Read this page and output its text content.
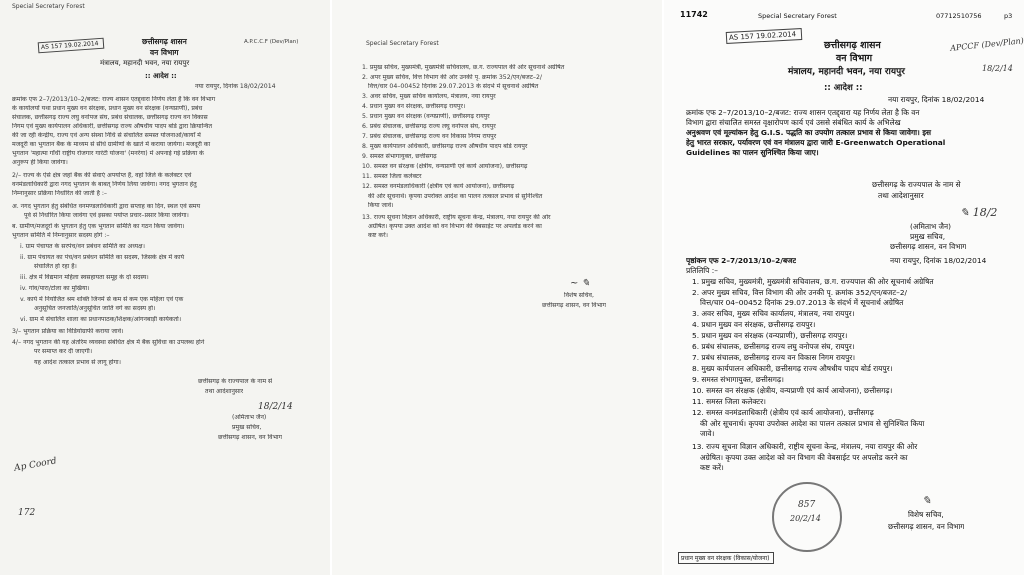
Special Secretary Forest
AS 157 19.02.2014	A.P.C.C.F (Dev/Plan)
छत्तीसगढ़ शासन
वन विभाग
मंत्रालय, महानदी भवन, नया रायपुर
:: आदेश ::
नया रायपुर, दिनांक 18/02/2014
क्रमांक एफ 2–7/2013/10–2/बजट: राज्य शासन एतद्द्वारा निर्णय लेता है कि वन विभाग
के कार्यालयों यथा प्रधान मुख्य वन संरक्षक, प्रधान मुख्य वन संरक्षक (वन्यप्राणी), प्रबंध
संचालक, छत्तीसगढ़ राज्य लघु वनोपज संघ, प्रबंध संचालक, छत्तीसगढ़ राज्य वन विकास
निगम एवं मुख्य कार्यपालन अधिकारी, छत्तीसगढ़ राज्य औषधीय पादप बोर्ड द्वारा क्रियान्वित
की जा रही केन्द्रीय, राज्य एवं अन्य संस्था निधि से संचालित समस्त योजनाओं/कार्यों में
मजदूरी का भुगतान बैंक के माध्यम से सीधे ग्रामीणों के खाते में कराया जायेगा। मजदूरी का
भुगतान 'महात्मा गाँधी राष्ट्रीय रोजगार गारंटी योजना' (मनरेगा) में अपनाई गई प्रक्रिया के
अनुरूप ही किया जावेगा।
2/– राज्य के ऐसे क्षेत्र जहां बैंक की सेवाएं अपर्याप्त हैं, वहां जिले के कलेक्टर एवं
वनमंडलाधिकारी द्वारा नगद भुगतान के बाबत् निर्णय लिया जावेगा। नगद भुगतान हेतु
निम्नानुसार प्रक्रिया निर्धारित की जाती है :–
अ. नगद भुगतान हेतु संबंधित वनमण्डलाधिकारी द्वारा सप्ताह का दिन, स्थल एवं समय
पूर्व से निर्धारित किया जावेगा एवं इसका पर्याप्त प्रचार–प्रसार किया जावेगा।
ब. ग्रामीण/मजदूरों के भुगतान हेतु एक भुगतान समिति का गठन किया जावेगा।
भुगतान समिति में निम्नानुसार सदस्य होंगे :–
i. ग्राम पंचायत के सरपंच/वन प्रबंधन समिति का अध्यक्ष।
ii. ग्राम पंचायत का पंच/वन प्रबंधन समिति का सदस्य, जिसके क्षेत्र में कार्य
संचालित हो रहा है।
iii. क्षेत्र में विद्यमान महिला स्वसहायता समूह के दो सदस्य।
iv. गांव/पारा/टोला का मुखिया।
v. कार्य में नियोजित श्रम शक्ति जिनमें से कम से कम एक महिला एवं एक
अनुसूचित जनजाति/अनुसूचित जाति वर्ग का सदस्य हो।
vi. ग्राम में संचालित शाला का प्रधानपाठक/शिक्षक/आंगनबाड़ी कार्यकर्ता।
3/– भुगतान प्रक्रिया का विडियोग्राफी कराया जावे।
4/– नगद भुगतान की यह अंतरिम व्यवस्था संबंधित क्षेत्र में बैंक सुविधा का उपलब्ध होने
पर समाप्त कर दी जाएगी।
यह आदेश तत्काल प्रभाव से लागू होगा।
छत्तीसगढ़ के राज्यपाल के नाम से
तथा आदेशानुसार
18/2/14
(अमिताभ जैन)
प्रमुख सचिव,
छत्तीसगढ़ शासन, वन विभाग
Ap Coord
172
Special Secretary Forest
1. प्रमुख सचिव, मुख्यमंत्री, मुख्यमंत्री सचिवालय, छ.ग. राज्यपाल की ओर सूचनार्थ अग्रेषित
2. अपर मुख्य सचिव, वित्त विभाग की ओर उनकी पृ. क्रमांक 352/एन/बजट–2/
वित्त/चार 04–00452 दिनांक 29.07.2013 के संदर्भ में सूचनार्थ अग्रेषित
3. अवर सचिव, मुख्य सचिव कार्यालय, मंत्रालय, नया रायपुर
4. प्रधान मुख्य वन संरक्षक, छत्तीसगढ़ रायपुर।
5. प्रधान मुख्य वन संरक्षक (वन्यप्राणी), छत्तीसगढ़ रायपुर
6. प्रबंध संचालक, छत्तीसगढ़ राज्य लघु वनोपज संघ, रायपुर
7. प्रबंध संचालक, छत्तीसगढ़ राज्य वन विकास निगम रायपुर
8. मुख्य कार्यपालन अधिकारी, छत्तीसगढ़ राज्य औषधीय पादप बोर्ड रायपुर
9. समस्त संभागायुक्त, छत्तीसगढ़
10. समस्त वन संरक्षक (क्षेत्रीय, वन्यप्राणी एवं कार्य आयोजना), छत्तीसगढ़
11. समस्त जिला कलेक्टर
12. समस्त वनमंडलाधिकारी (क्षेत्रीय एवं कार्य आयोजना), छत्तीसगढ़
की ओर सूचनार्थ। कृपया उपरोक्त आदेश का पालन तत्काल प्रभाव से सुनिश्चित
किया जावे।
13. राज्य सूचना विज्ञान अधिकारी, राष्ट्रीय सूचना केन्द्र, मंत्रालय, नया रायपुर की ओर
अग्रेषित। कृपया उक्त आदेश को वन विभाग की वेबसाईट पर अपलोड करने का
कष्ट करें।
~ ✎
विशेष सचिव,
छत्तीसगढ़ शासन, वन विभाग
11742	Special Secretary Forest	07712510756	p3
AS 157 19.02.2014
छत्तीसगढ़ शासन
वन विभाग
मंत्रालय, महानदी भवन, नया रायपुर
APCCF (Dev/Plan)
18/2/14
:: आदेश ::
नया रायपुर, दिनांक 18/02/2014
क्रमांक एफ 2–7/2013/10–2/बजट: राज्य शासन एतद्द्वारा यह निर्णय लेता है कि वन
विभाग द्वारा संचालित समस्त वृक्षारोपण कार्य एवं उससे संबंधित कार्य के अभिलेख
अनुश्रवण एवं मूल्यांकन हेतु G.I.S. पद्धति का उपयोग तत्काल प्रभाव से किया जावेगा। इस
हेतु भारत सरकार, पर्यावरण एवं वन मंत्रालय द्वारा जारी E-Greenwatch Operational
Guidelines का पालन सुनिश्चित किया जाए।
छत्तीसगढ़ के राज्यपाल के नाम से
तथा आदेशानुसार
✎ 18/2
(अमिताभ जैन)
प्रमुख सचिव,
छत्तीसगढ़ शासन, वन विभाग
पृष्ठांकन एफ 2–7/2013/10–2/बजट	नया रायपुर, दिनांक 18/02/2014
प्रतिलिपि :–
1. प्रमुख सचिव, मुख्यमंत्री, मुख्यमंत्री सचिवालय, छ.ग. राज्यपाल की ओर सूचनार्थ अग्रेषित
2. अपर मुख्य सचिव, वित्त विभाग की ओर उनकी पृ. क्रमांक 352/एन/बजट–2/
वित्त/चार 04–00452 दिनांक 29.07.2013 के संदर्भ में सूचनार्थ अग्रेषित
3. अवर सचिव, मुख्य सचिव कार्यालय, मंत्रालय, नया रायपुर।
4. प्रधान मुख्य वन संरक्षक, छत्तीसगढ़ रायपुर।
5. प्रधान मुख्य वन संरक्षक (वन्यप्राणी), छत्तीसगढ़ रायपुर।
6. प्रबंध संचालक, छत्तीसगढ़ राज्य लघु वनोपज संघ, रायपुर।
7. प्रबंध संचालक, छत्तीसगढ़ राज्य वन विकास निगम रायपुर।
8. मुख्य कार्यपालन अधिकारी, छत्तीसगढ़ राज्य औषधीय पादप बोर्ड रायपुर।
9. समस्त संभागायुक्त, छत्तीसगढ़।
10. समस्त वन संरक्षक (क्षेत्रीय, वन्यप्राणी एवं कार्य आयोजना), छत्तीसगढ़।
11. समस्त जिला कलेक्टर।
12. समस्त वनमंडलाधिकारी (क्षेत्रीय एवं कार्य आयोजना), छत्तीसगढ़
की ओर सूचनार्थ। कृपया उपरोक्त आदेश का पालन तत्काल प्रभाव से सुनिश्चित किया
जावे।
13. राज्य सूचना विज्ञान अधिकारी, राष्ट्रीय सूचना केन्द्र, मंत्रालय, नया रायपुर की ओर
अग्रेषित। कृपया उक्त आदेश को वन विभाग की वेबसाईट पर अपलोड करने का
कष्ट करें।
857
20/2/14
✎
विशेष सचिव,
छत्तीसगढ़ शासन, वन विभाग
प्रधान मुख्य वन संरक्षक (विकास/योजना)
